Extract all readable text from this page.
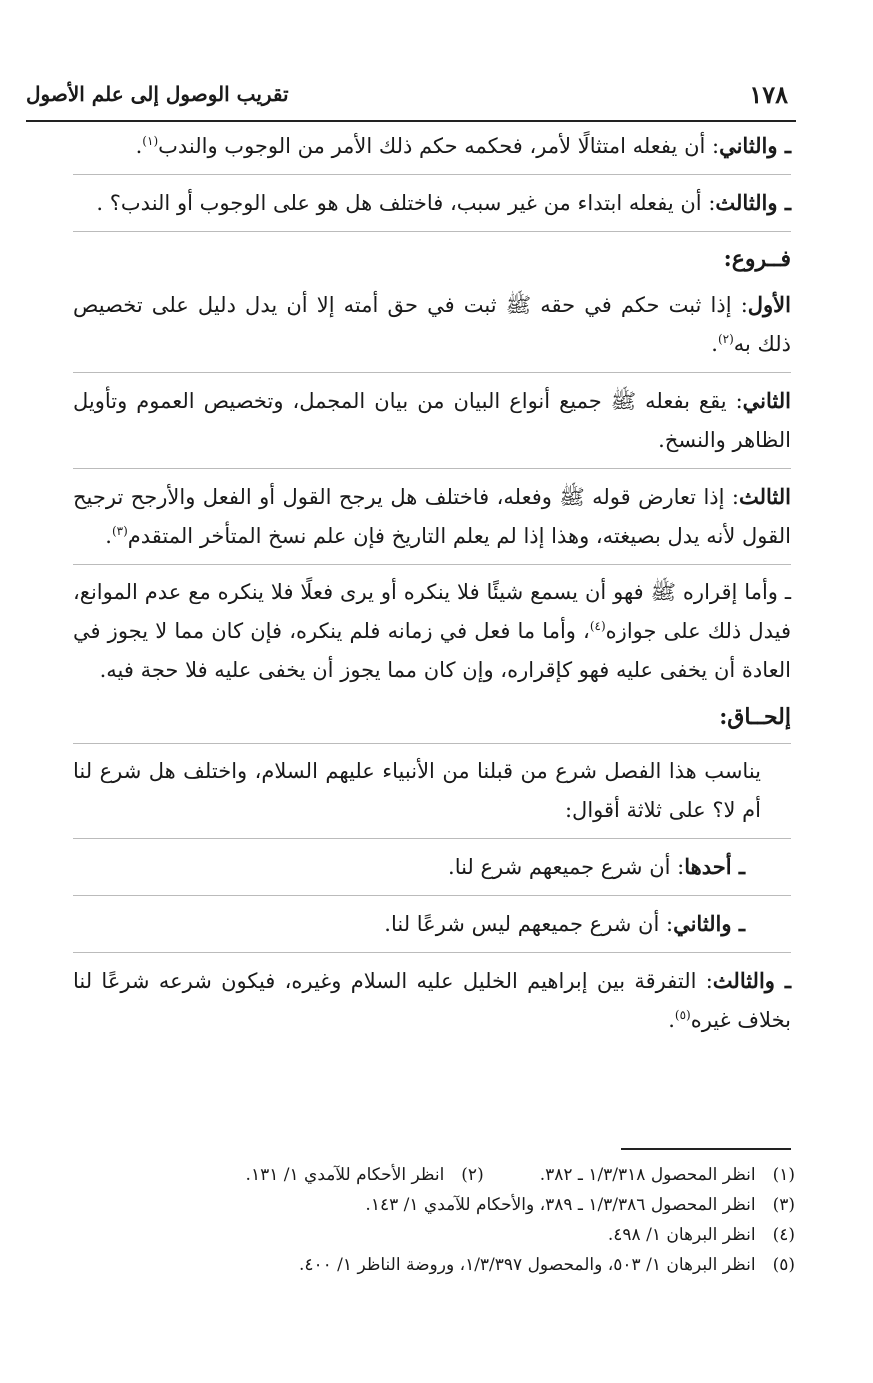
١٧٨
تقريب الوصول إلى علم الأصول

ـ والثاني: أن يفعله امتثالًا لأمر، فحكمه حكم ذلك الأمر من الوجوب والندب$^{(١)}$.

ـ والثالث: أن يفعله ابتداء من غير سبب، فاختلف هل هو على الوجوب أو الندب؟ .

فــروع:

الأول: إذا ثبت حكم في حقه ﷺ ثبت في حق أمته إلا أن يدل دليل على تخصيص ذلك به$^{(٢)}$.

الثاني: يقع بفعله ﷺ جميع أنواع البيان من بيان المجمل، وتخصيص العموم وتأويل الظاهر والنسخ.

الثالث: إذا تعارض قوله ﷺ وفعله، فاختلف هل يرجح القول أو الفعل والأرجح ترجيح القول لأنه يدل بصيغته، وهذا إذا لم يعلم التاريخ فإن علم نسخ المتأخر المتقدم$^{(٣)}$.

ـ وأما إقراره ﷺ فهو أن يسمع شيئًا فلا ينكره أو يرى فعلًا فلا ينكره مع عدم الموانع، فيدل ذلك على جوازه$^{(٤)}$، وأما ما فعل في زمانه فلم ينكره، فإن كان مما لا يجوز في العادة أن يخفى عليه فهو كإقراره، وإن كان مما يجوز أن يخفى عليه فلا حجة فيه.

إلحــاق:

يناسب هذا الفصل شرع من قبلنا من الأنبياء عليهم السلام، واختلف هل شرع لنا أم لا؟ على ثلاثة أقوال:

ـ أحدها: أن شرع جميعهم شرع لنا.

ـ والثاني: أن شرع جميعهم ليس شرعًا لنا.

ـ والثالث: التفرقة بين إبراهيم الخليل عليه السلام وغيره، فيكون شرعه شرعًا لنا بخلاف غيره$^{(٥)}$.

(١) انظر المحصول ١/٣/٣١٨ ـ ٣٨٢.(٢) انظر الأحكام للآمدي ١/ ١٣١.
(٣) انظر المحصول ١/٣/٣٨٦ ـ ٣٨٩، والأحكام للآمدي ١/ ١٤٣.
(٤) انظر البرهان ١/ ٤٩٨.
(٥) انظر البرهان ١/ ٥٠٣، والمحصول ١/٣/٣٩٧، وروضة الناظر ١/ ٤٠٠.
